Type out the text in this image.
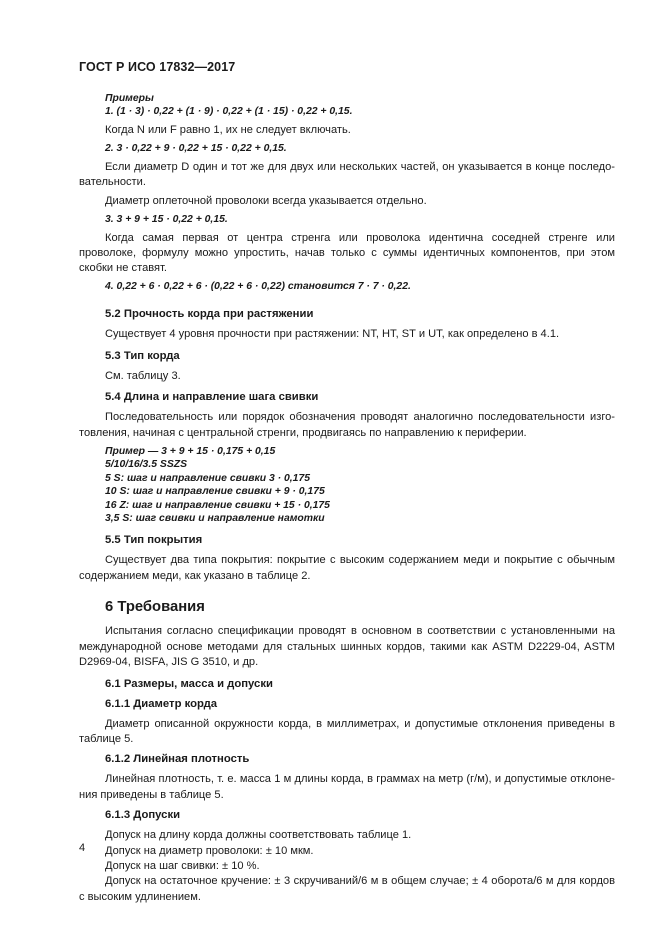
ГОСТ Р ИСО 17832—2017
Примеры
1. (1 · 3) · 0,22 + (1 · 9) · 0,22 + (1 · 15) · 0,22 + 0,15.

Когда N или F равно 1, их не следует включать.

2. 3 · 0,22 + 9 · 0,22 + 15 · 0,22 + 0,15.

Если диаметр D один и тот же для двух или нескольких частей, он указывается в конце последо-вательности.

Диаметр оплеточной проволоки всегда указывается отдельно.

3. 3 + 9 + 15 · 0,22 + 0,15.

Когда самая первая от центра стренга или проволока идентична соседней стренге или проволоке, формулу можно упростить, начав только с суммы идентичных компонентов, при этом скобки не ставят.

4. 0,22 + 6 · 0,22 + 6 · (0,22 + 6 · 0,22) становится 7 · 7 · 0,22.
5.2 Прочность корда при растяжении

Существует 4 уровня прочности при растяжении: NT, HT, ST и UT, как определено в 4.1.

5.3 Тип корда

См. таблицу 3.

5.4 Длина и направление шага свивки

Последовательность или порядок обозначения проводят аналогично последовательности изго-товления, начиная с центральной стренги, продвигаясь по направлению к периферии.

Пример — 3 + 9 + 15 · 0,175 + 0,15
5/10/16/3.5 SSZS
5 S: шаг и направление свивки 3 · 0,175
10 S: шаг и направление свивки + 9 · 0,175
16 Z: шаг и направление свивки + 15 · 0,175
3,5 S: шаг свивки и направление намотки
5.5 Тип покрытия

Существует два типа покрытия: покрытие с высоким содержанием меди и покрытие с обычным содержанием меди, как указано в таблице 2.

6 Требования

Испытания согласно спецификации проводят в основном в соответствии с установленными на международной основе методами для стальных шинных кордов, такими как ASTM D2229-04, ASTM D2969-04, BISFA, JIS G 3510, и др.

6.1 Размеры, масса и допуски
6.1.1 Диаметр корда

Диаметр описанной окружности корда, в миллиметрах, и допустимые отклонения приведены в таблице 5.

6.1.2 Линейная плотность

Линейная плотность, т. е. масса 1 м длины корда, в граммах на метр (г/м), и допустимые отклоне-ния приведены в таблице 5.

6.1.3 Допуски

Допуск на длину корда должны соответствовать таблице 1.

Допуск на диаметр проволоки: ± 10 мкм.

Допуск на шаг свивки: ± 10 %.

Допуск на остаточное кручение: ± 3 скручиваний/6 м в общем случае; ± 4 оборота/6 м для кордов с высоким удлинением.

4
